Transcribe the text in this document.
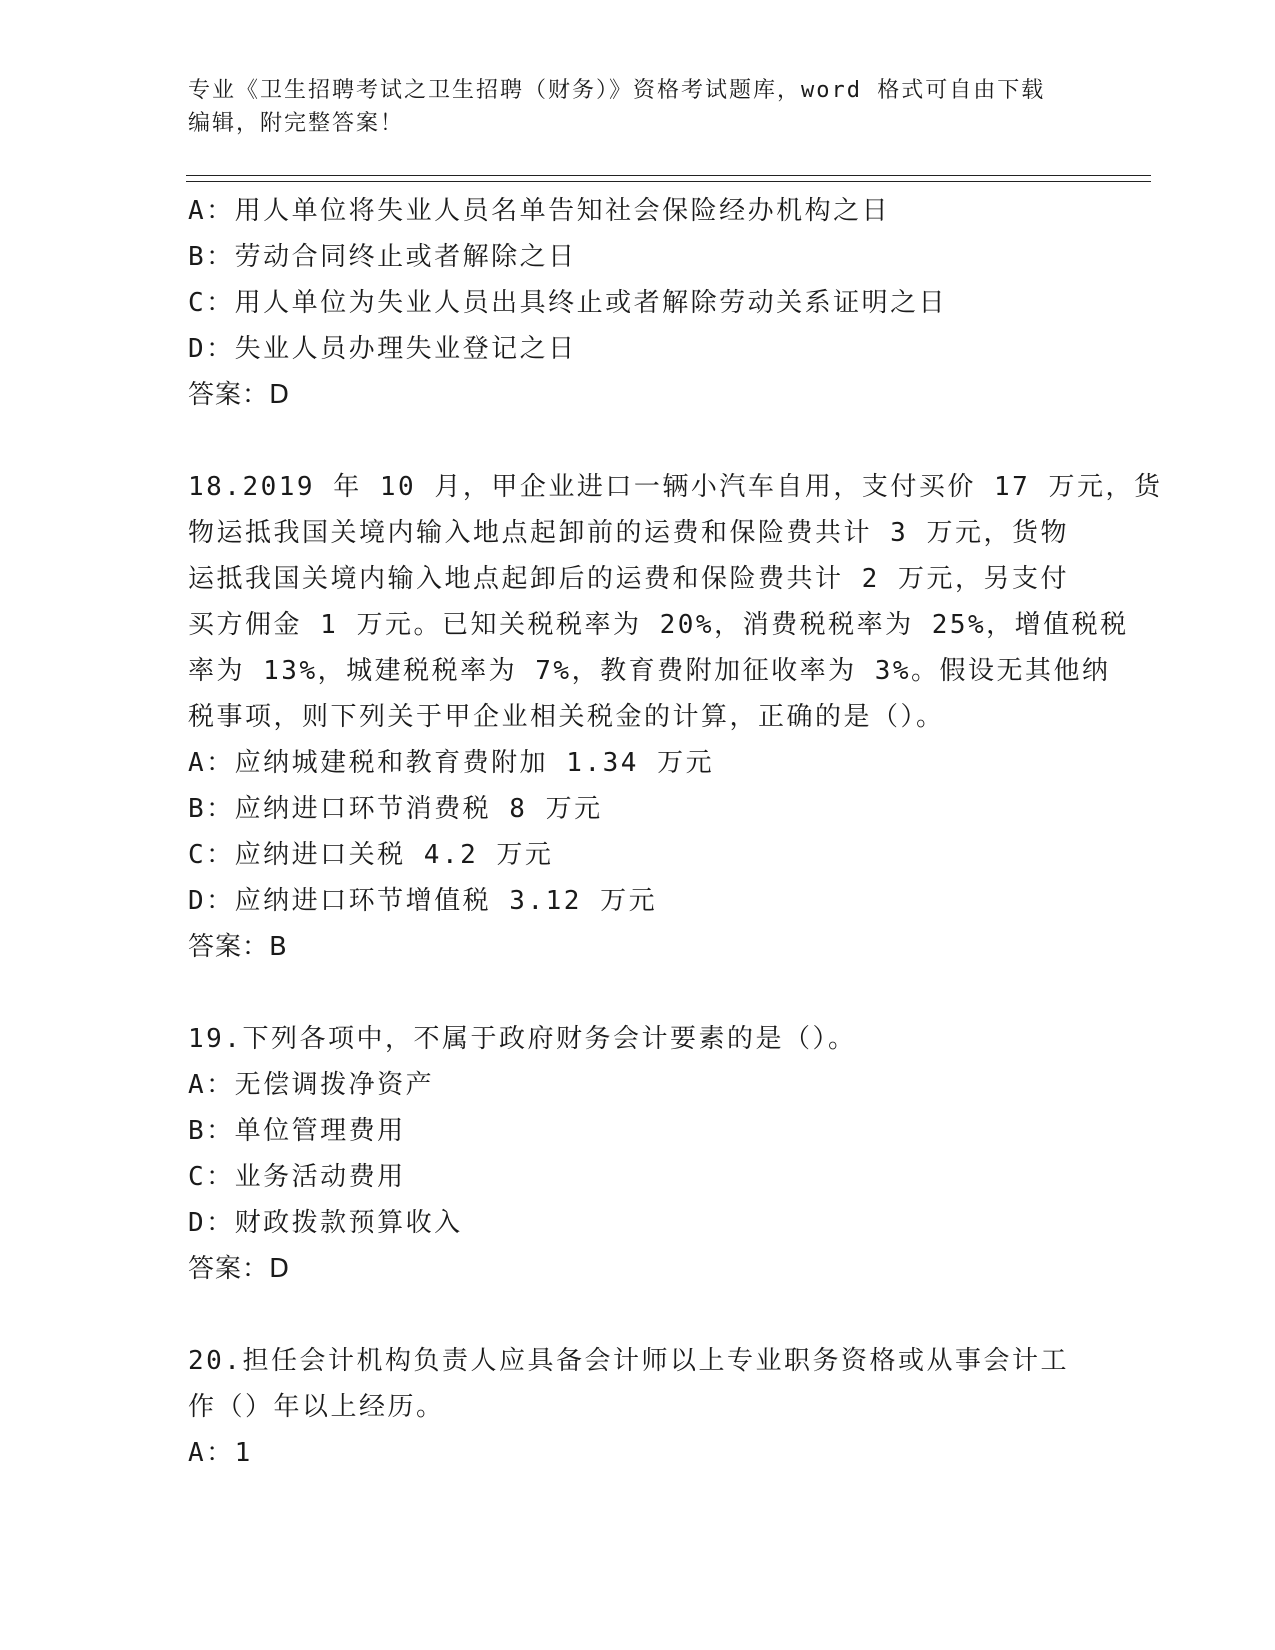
专业《卫生招聘考试之卫生招聘（财务）》资格考试题库，word 格式可自由下载
编辑，附完整答案！
A：用人单位将失业人员名单告知社会保险经办机构之日
B：劳动合同终止或者解除之日
C：用人单位为失业人员出具终止或者解除劳动关系证明之日
D：失业人员办理失业登记之日
答案：D
18.2019 年 10 月，甲企业进口一辆小汽车自用，支付买价 17 万元，货
物运抵我国关境内输入地点起卸前的运费和保险费共计 3 万元，货物
运抵我国关境内输入地点起卸后的运费和保险费共计 2 万元，另支付
买方佣金 1 万元。已知关税税率为 20%，消费税税率为 25%，增值税税
率为 13%，城建税税率为 7%，教育费附加征收率为 3%。假设无其他纳
税事项，则下列关于甲企业相关税金的计算，正确的是（）。
A：应纳城建税和教育费附加 1.34 万元
B：应纳进口环节消费税 8 万元
C：应纳进口关税 4.2 万元
D：应纳进口环节增值税 3.12 万元
答案：B
19.下列各项中，不属于政府财务会计要素的是（）。
A：无偿调拨净资产
B：单位管理费用
C：业务活动费用
D：财政拨款预算收入
答案：D
20.担任会计机构负责人应具备会计师以上专业职务资格或从事会计工
作（）年以上经历。
A：1
